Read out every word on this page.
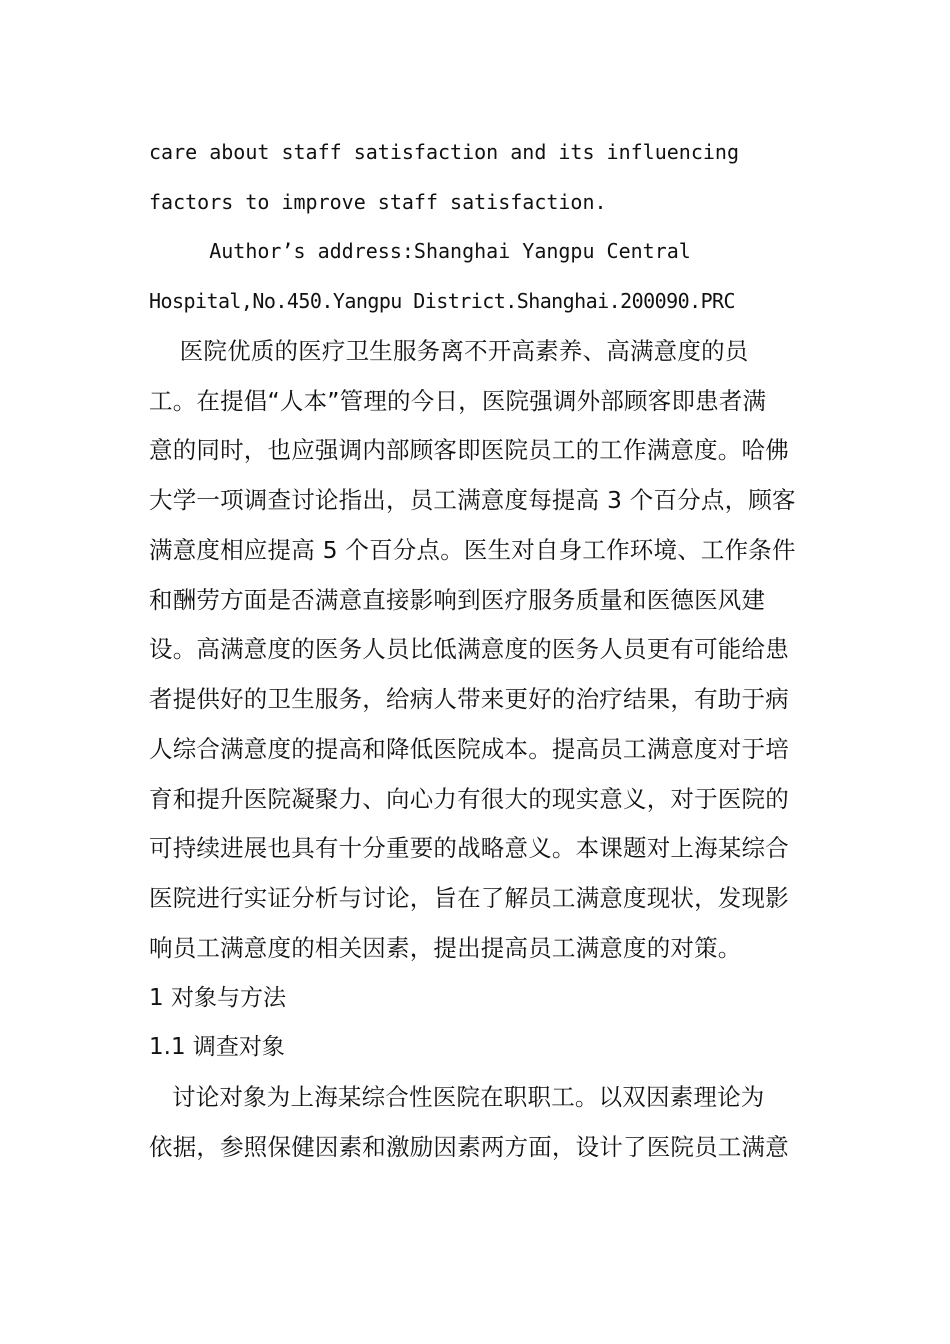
care about staff satisfaction and its influencing
factors to improve staff satisfaction.
Author’s address:Shanghai Yangpu Central
Hospital,No.450.Yangpu District.Shanghai.200090.PRC
医院优质的医疗卫生服务离不开高素养、高满意度的员
工。在提倡“人本”管理的今日，医院强调外部顾客即患者满
意的同时，也应强调内部顾客即医院员工的工作满意度。哈佛
大学一项调查讨论指出，员工满意度每提高 3 个百分点，顾客
满意度相应提高 5 个百分点。医生对自身工作环境、工作条件
和酬劳方面是否满意直接影响到医疗服务质量和医德医风建
设。高满意度的医务人员比低满意度的医务人员更有可能给患
者提供好的卫生服务，给病人带来更好的治疗结果，有助于病
人综合满意度的提高和降低医院成本。提高员工满意度对于培
育和提升医院凝聚力、向心力有很大的现实意义，对于医院的
可持续进展也具有十分重要的战略意义。本课题对上海某综合
医院进行实证分析与讨论，旨在了解员工满意度现状，发现影
响员工满意度的相关因素，提出提高员工满意度的对策。
1 对象与方法
1.1 调查对象
讨论对象为上海某综合性医院在职职工。以双因素理论为
依据，参照保健因素和激励因素两方面，设计了医院员工满意
